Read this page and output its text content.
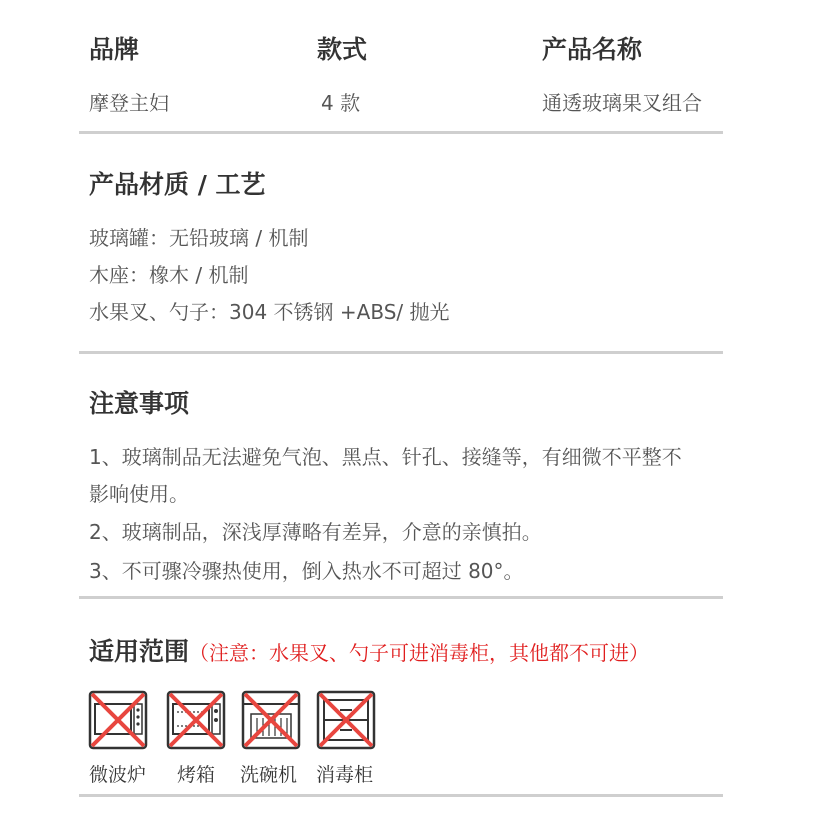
品牌	款式	产品名称
摩登主妇	4 款	通透玻璃果叉组合
产品材质 / 工艺
玻璃罐：无铅玻璃 / 机制
木座：橡木 / 机制
水果叉、勺子：304 不锈钢 +ABS/ 抛光
注意事项
1、玻璃制品无法避免气泡、黑点、针孔、接缝等，有细微不平整不
影响使用。
2、玻璃制品，深浅厚薄略有差异，介意的亲慎拍。
3、不可骤冷骤热使用，倒入热水不可超过 80°。
适用范围（注意：水果叉、勺子可进消毒柜，其他都不可进）
微波炉 烤箱 洗碗机 消毒柜
